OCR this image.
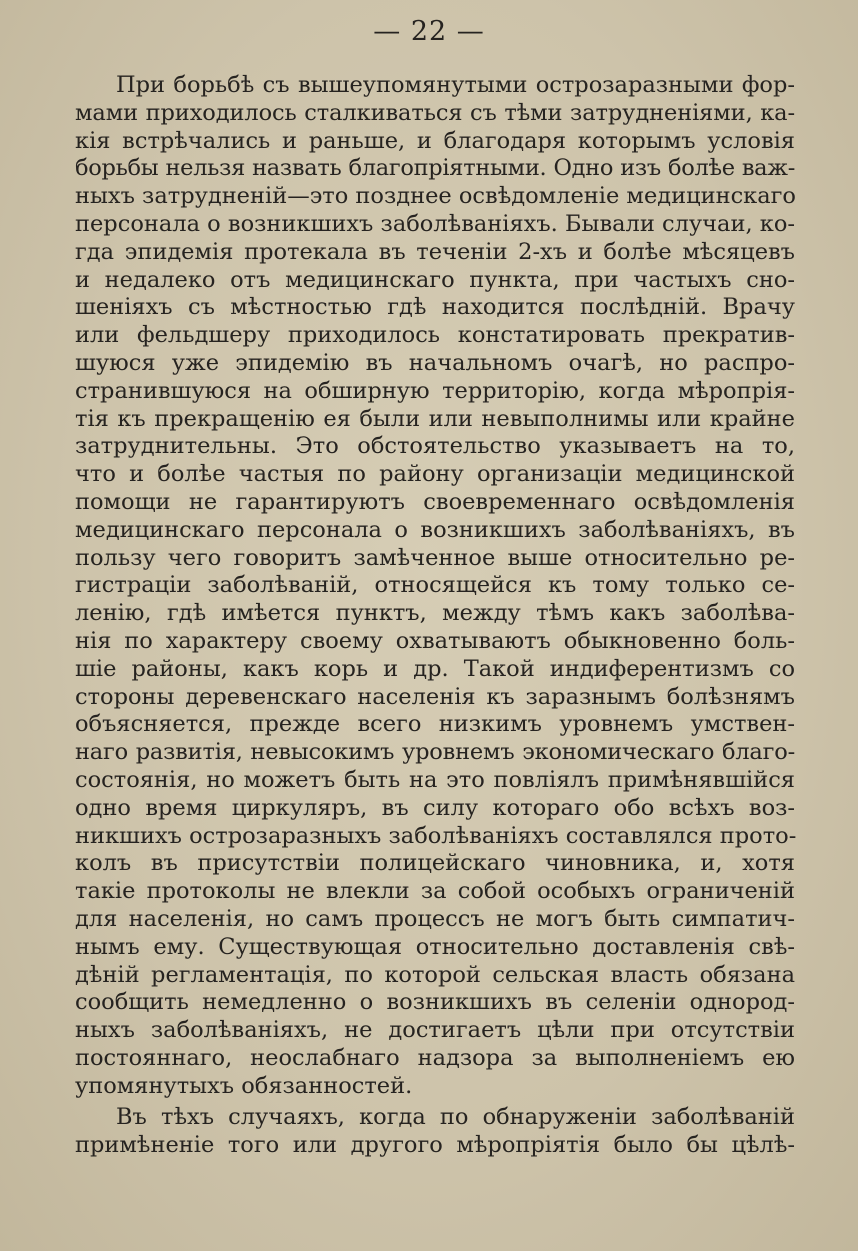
— 22 —
При борьбѣ съ вышеупомянутыми острозаразными фор-
мами приходилось сталкиваться съ тѣми затрудненіями, ка-
кія встрѣчались и раньше, и благодаря которымъ условія
борьбы нельзя назвать благопріятными. Одно изъ болѣе важ-
ныхъ затрудненій—это позднее освѣдомленіе медицинскаго
персонала о возникшихъ заболѣваніяхъ. Бывали случаи, ко-
гда эпидемія протекала въ теченіи 2-хъ и болѣе мѣсяцевъ
и недалеко отъ медицинскаго пункта, при частыхъ сно-
шеніяхъ съ мѣстностью гдѣ находится послѣдній. Врачу
или фельдшеру приходилось констатировать прекратив-
шуюся уже эпидемію въ начальномъ очагѣ, но распро-
странившуюся на обширную территорію, когда мѣропрія-
тія къ прекращенію ея были или невыполнимы или крайне
затруднительны. Это обстоятельство указываетъ на то,
что и болѣе частыя по району организаціи медицинской
помощи не гарантируютъ своевременнаго освѣдомленія
медицинскаго персонала о возникшихъ заболѣваніяхъ, въ
пользу чего говоритъ замѣченное выше относительно ре-
гистраціи заболѣваній, относящейся къ тому только се-
ленію, гдѣ имѣется пунктъ, между тѣмъ какъ заболѣва-
нія по характеру своему охватываютъ обыкновенно боль-
шіе районы, какъ корь и др. Такой индиферентизмъ со
стороны деревенскаго населенія къ заразнымъ болѣзнямъ
объясняется, прежде всего низкимъ уровнемъ умствен-
наго развитія, невысокимъ уровнемъ экономическаго благо-
состоянія, но можетъ быть на это повліялъ примѣнявшійся
одно время циркуляръ, въ силу котораго обо всѣхъ воз-
никшихъ острозаразныхъ заболѣваніяхъ составлялся прото-
колъ въ присутствіи полицейскаго чиновника, и, хотя
такіе протоколы не влекли за собой особыхъ ограниченій
для населенія, но самъ процессъ не могъ быть симпатич-
нымъ ему. Существующая относительно доставленія свѣ-
дѣній регламентація, по которой сельская власть обязана
сообщить немедленно о возникшихъ въ селеніи однород-
ныхъ заболѣваніяхъ, не достигаетъ цѣли при отсутствіи
постояннаго, неослабнаго надзора за выполненіемъ ею
упомянутыхъ обязанностей.
Въ тѣхъ случаяхъ, когда по обнаруженіи заболѣваній
примѣненіе того или другого мѣропріятія было бы цѣлѣ-
